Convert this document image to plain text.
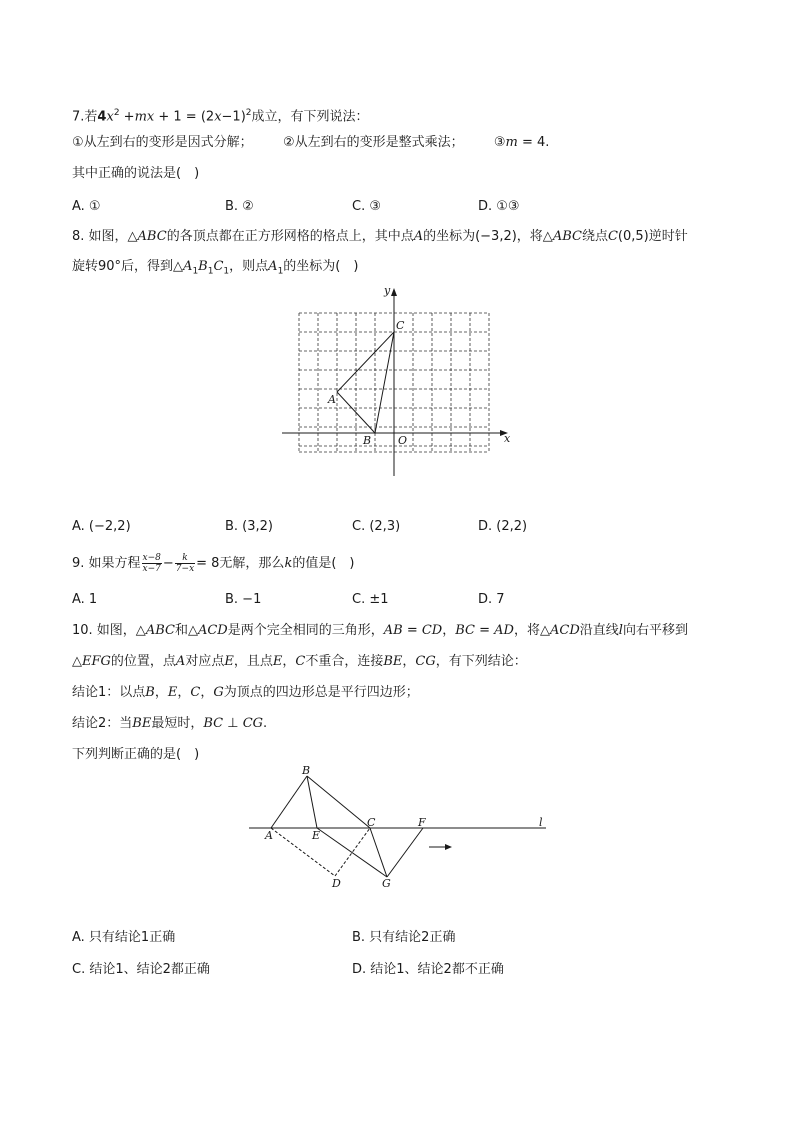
7.若$4x^2 +mx + 1 = (2x-1)^2$成立，有下列说法：
①从左到右的变形是因式分解； ②从左到右的变形是整式乘法； ③m = 4.
其中正确的说法是(　)
A. ①	B. ②	C. ③	D. ①③
8. 如图，△ABC的各顶点都在正方形网格的格点上，其中点A的坐标为(−3,2)，将△ABC绕点C(0,5)逆时针
旋转90°后，得到$\triangle A_1B_1C_1$，则点$A_1$的坐标为(　)
y
x
C
A
B O
A. (−2,2)	B. (3,2)	C. (2,3)	D. (2,2)
9. 如果方程 $\frac{x-8}{x-7} - \frac{k}{7-x} = 8$无解，那么k的值是(　)
A. 1	B. −1	C. ±1	D. 7
10. 如图，△ABC和△ACD是两个完全相同的三角形，AB = CD，BC = AD，将△ACD沿直线l向右平移到
△EFG的位置，点A对应点E，且点E，C不重合，连接BE，CG，有下列结论：
结论1：以点B，E，C，G为顶点的四边形总是平行四边形；
结论2：当BE最短时，BC ⊥ CG.
下列判断正确的是(　)
B
A	E
C	F	l
D	G
A. 只有结论1正确	B. 只有结论2正确
C. 结论1、结论2都正确	D. 结论1、结论2都不正确
